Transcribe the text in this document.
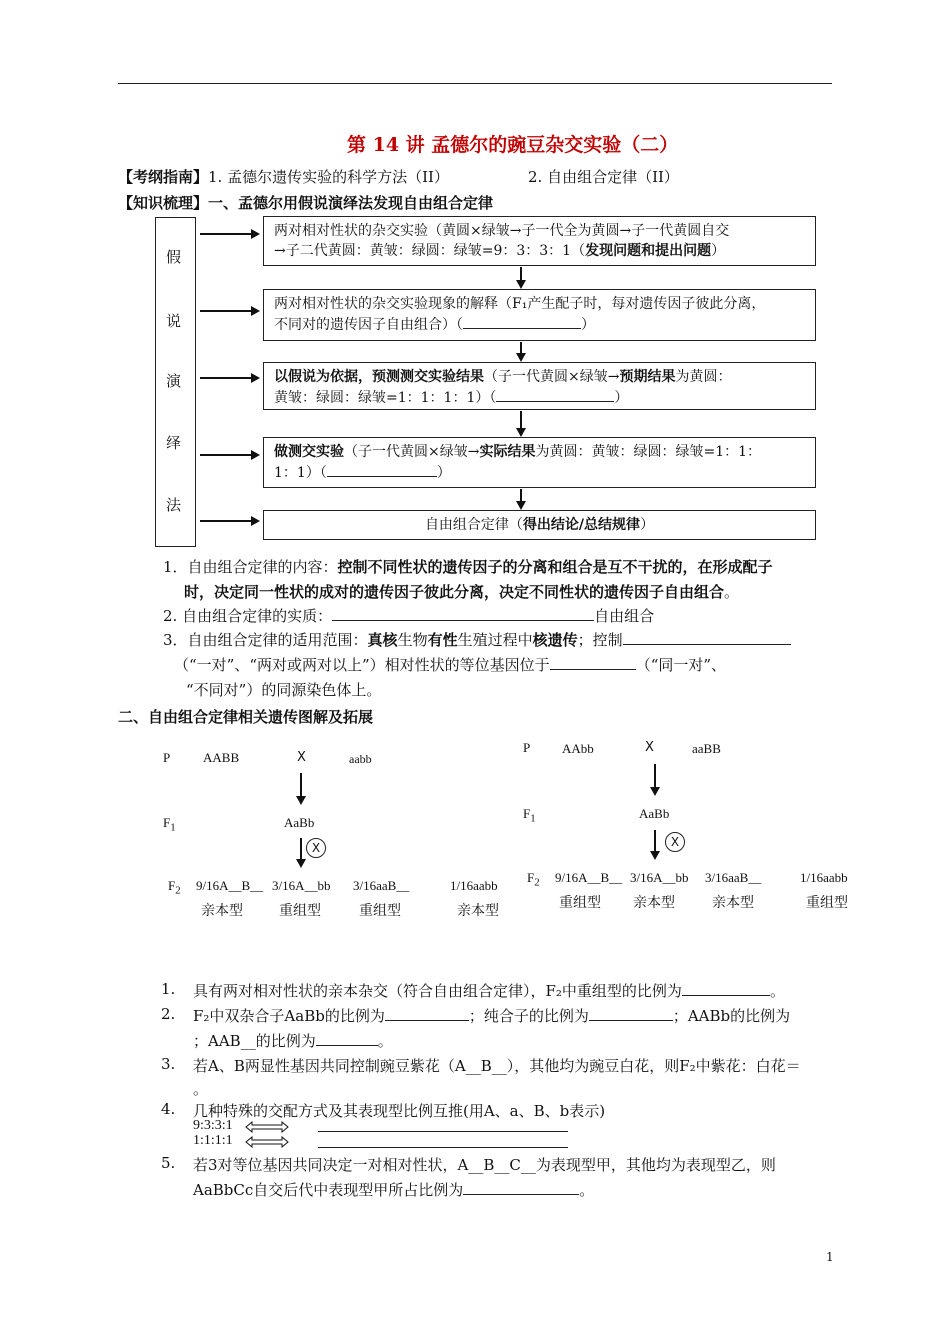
第 14 讲 孟德尔的豌豆杂交实验（二）
【考纲指南】1. 孟德尔遗传实验的科学方法（II）	2. 自由组合定律（II）
【知识梳理】一、孟德尔用假说演绎法发现自由组合定律
假
说
演
绎
法
两对相对性状的杂交实验（黄圆×绿皱→子一代全为黄圆→子一代黄圆自交
→子二代黄圆：黄皱：绿圆：绿皱=9：3：3：1（发现问题和提出问题）
两对相对性状的杂交实验现象的解释（F₁产生配子时，每对遗传因子彼此分离，
不同对的遗传因子自由组合）（	）
以假说为依据，预测测交实验结果（子一代黄圆×绿皱→预期结果为黄圆：
黄皱：绿圆：绿皱=1：1：1：1）（	）
做测交实验（子一代黄圆×绿皱→实际结果为黄圆：黄皱：绿圆：绿皱=1：1：
1：1）（	）
自由组合定律（得出结论/总结规律）
1．自由组合定律的内容：控制不同性状的遗传因子的分离和组合是互不干扰的，在形成配子
时，决定同一性状的成对的遗传因子彼此分离，决定不同性状的遗传因子自由组合。
2. 自由组合定律的实质：	自由组合
3．自由组合定律的适用范围：真核生物有性生殖过程中核遗传；控制
（“一对”、“两对或两对以上”）相对性状的等位基因位于	（“同一对”、
“不同对”）的同源染色体上。
二、自由组合定律相关遗传图解及拓展
P	AABB	X	aabb
$F_1$	AaBb
X
$F_2$ 9/16A__B__ 3/16A__bb 3/16aaB__	1/16aabb
亲本型	重组型	重组型	亲本型
P AAbb	X	aaBB
$F_1$	AaBb
X
$F_2$ 9/16A__B__ 3/16A__bb 3/16aaB__	1/16aabb
重组型 亲本型	亲本型	重组型
1. 具有两对相对性状的亲本杂交（符合自由组合定律），F₂中重组型的比例为	。
2. F₂中双杂合子AaBb的比例为	；纯合子的比例为	；AABb的比例为
；AAB__的比例为	。
3. 若A、B两显性基因共同控制豌豆紫花（A__B__），其他均为豌豆白花，则F₂中紫花：白花＝
。
4. 几种特殊的交配方式及其表现型比例互推(用A、a、B、b表示)
9:3:3:1
1:1:1:1
5. 若3对等位基因共同决定一对相对性状，A__B__C__为表现型甲，其他均为表现型乙，则
AaBbCc自交后代中表现型甲所占比例为	。
1
